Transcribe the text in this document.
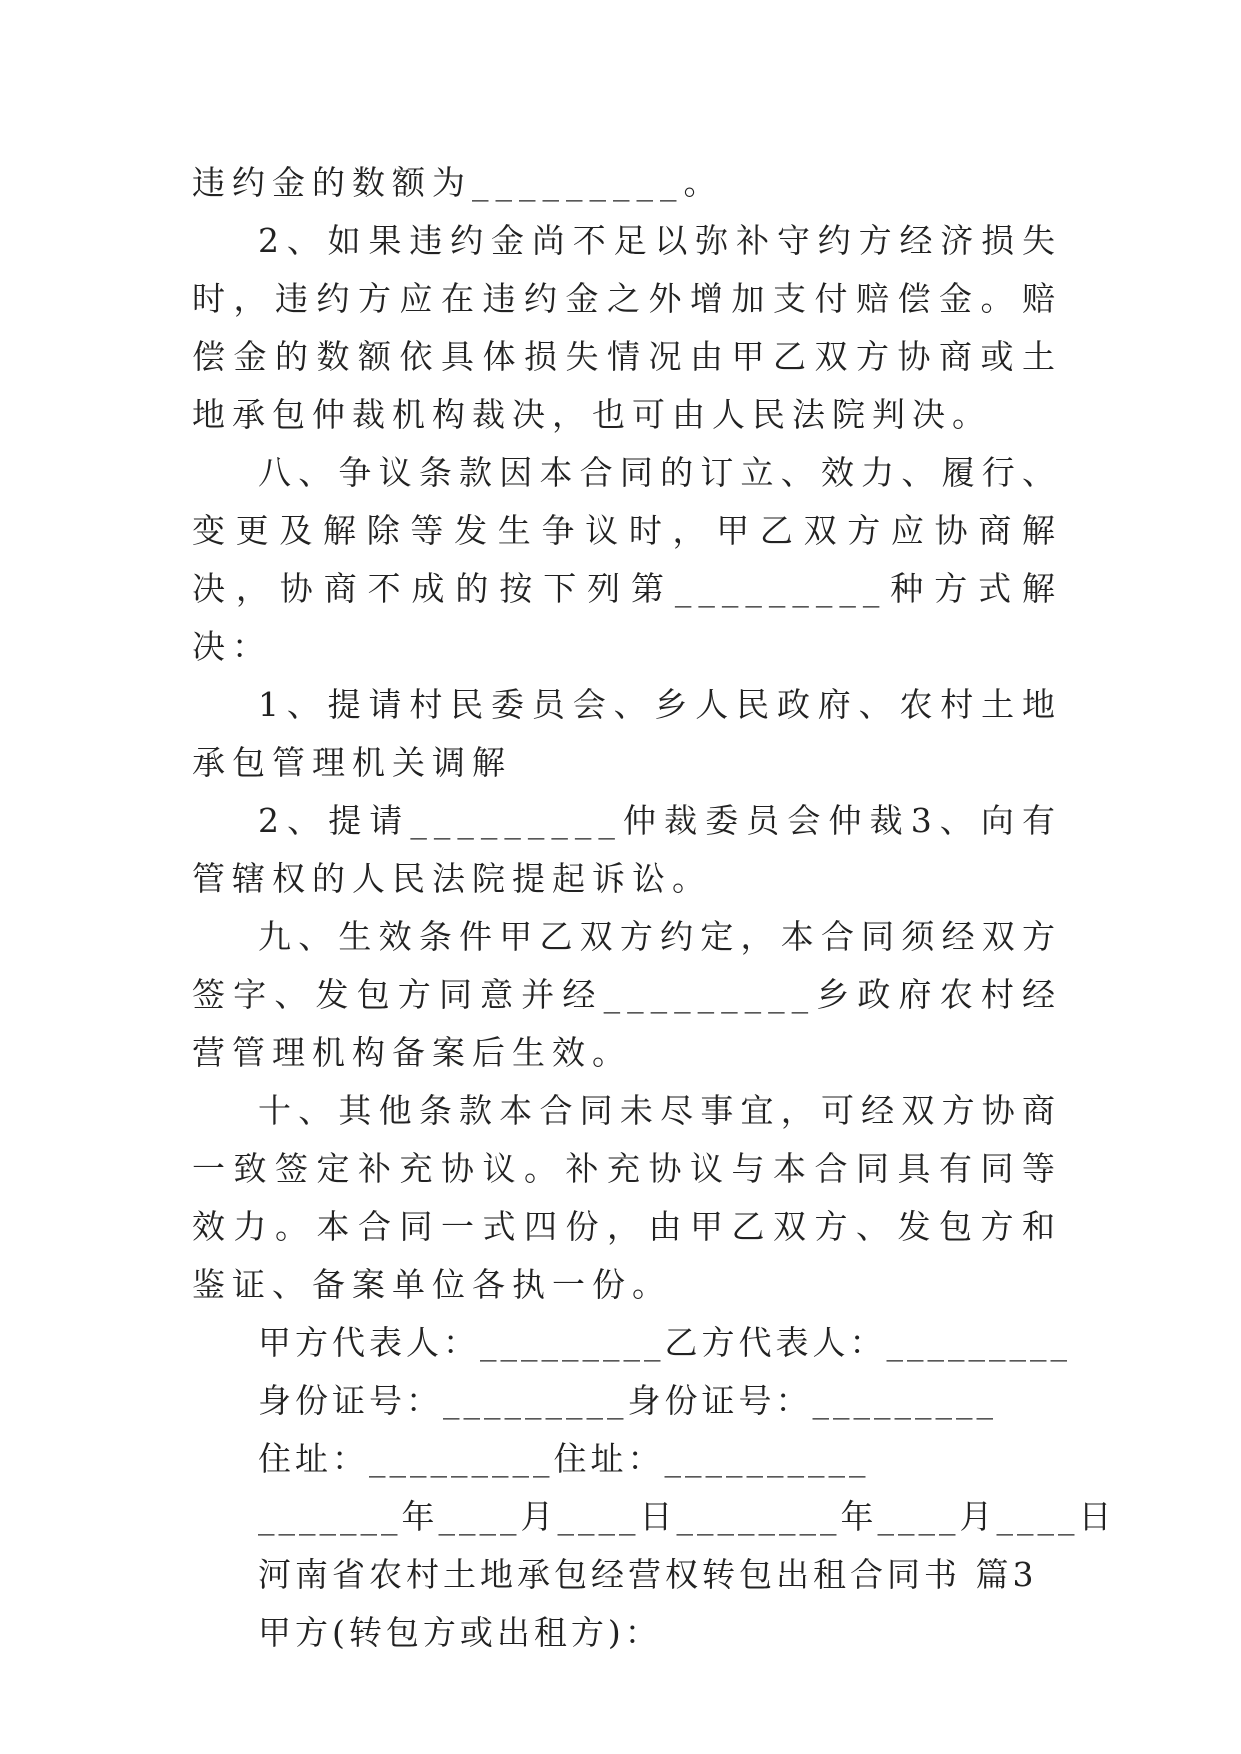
违约金的数额为_________。

2、如果违约金尚不足以弥补守约方经济损失时，违约方应在违约金之外增加支付赔偿金。赔偿金的数额依具体损失情况由甲乙双方协商或土地承包仲裁机构裁决，也可由人民法院判决。

八、争议条款因本合同的订立、效力、履行、变更及解除等发生争议时，甲乙双方应协商解决，协商不成的按下列第_________种方式解决：

1、提请村民委员会、乡人民政府、农村土地承包管理机关调解

2、提请_________仲裁委员会仲裁3、向有管辖权的人民法院提起诉讼。

九、生效条件甲乙双方约定，本合同须经双方签字、发包方同意并经_________乡政府农村经营管理机构备案后生效。

十、其他条款本合同未尽事宜，可经双方协商一致签定补充协议。补充协议与本合同具有同等效力。本合同一式四份，由甲乙双方、发包方和鉴证、备案单位各执一份。

甲方代表人：_________乙方代表人：_________

身份证号：_________身份证号：_________

住址：_________住址：__________

_______年____月____日________年____月____日

河南省农村土地承包经营权转包出租合同书 篇3

甲方(转包方或出租方)：
